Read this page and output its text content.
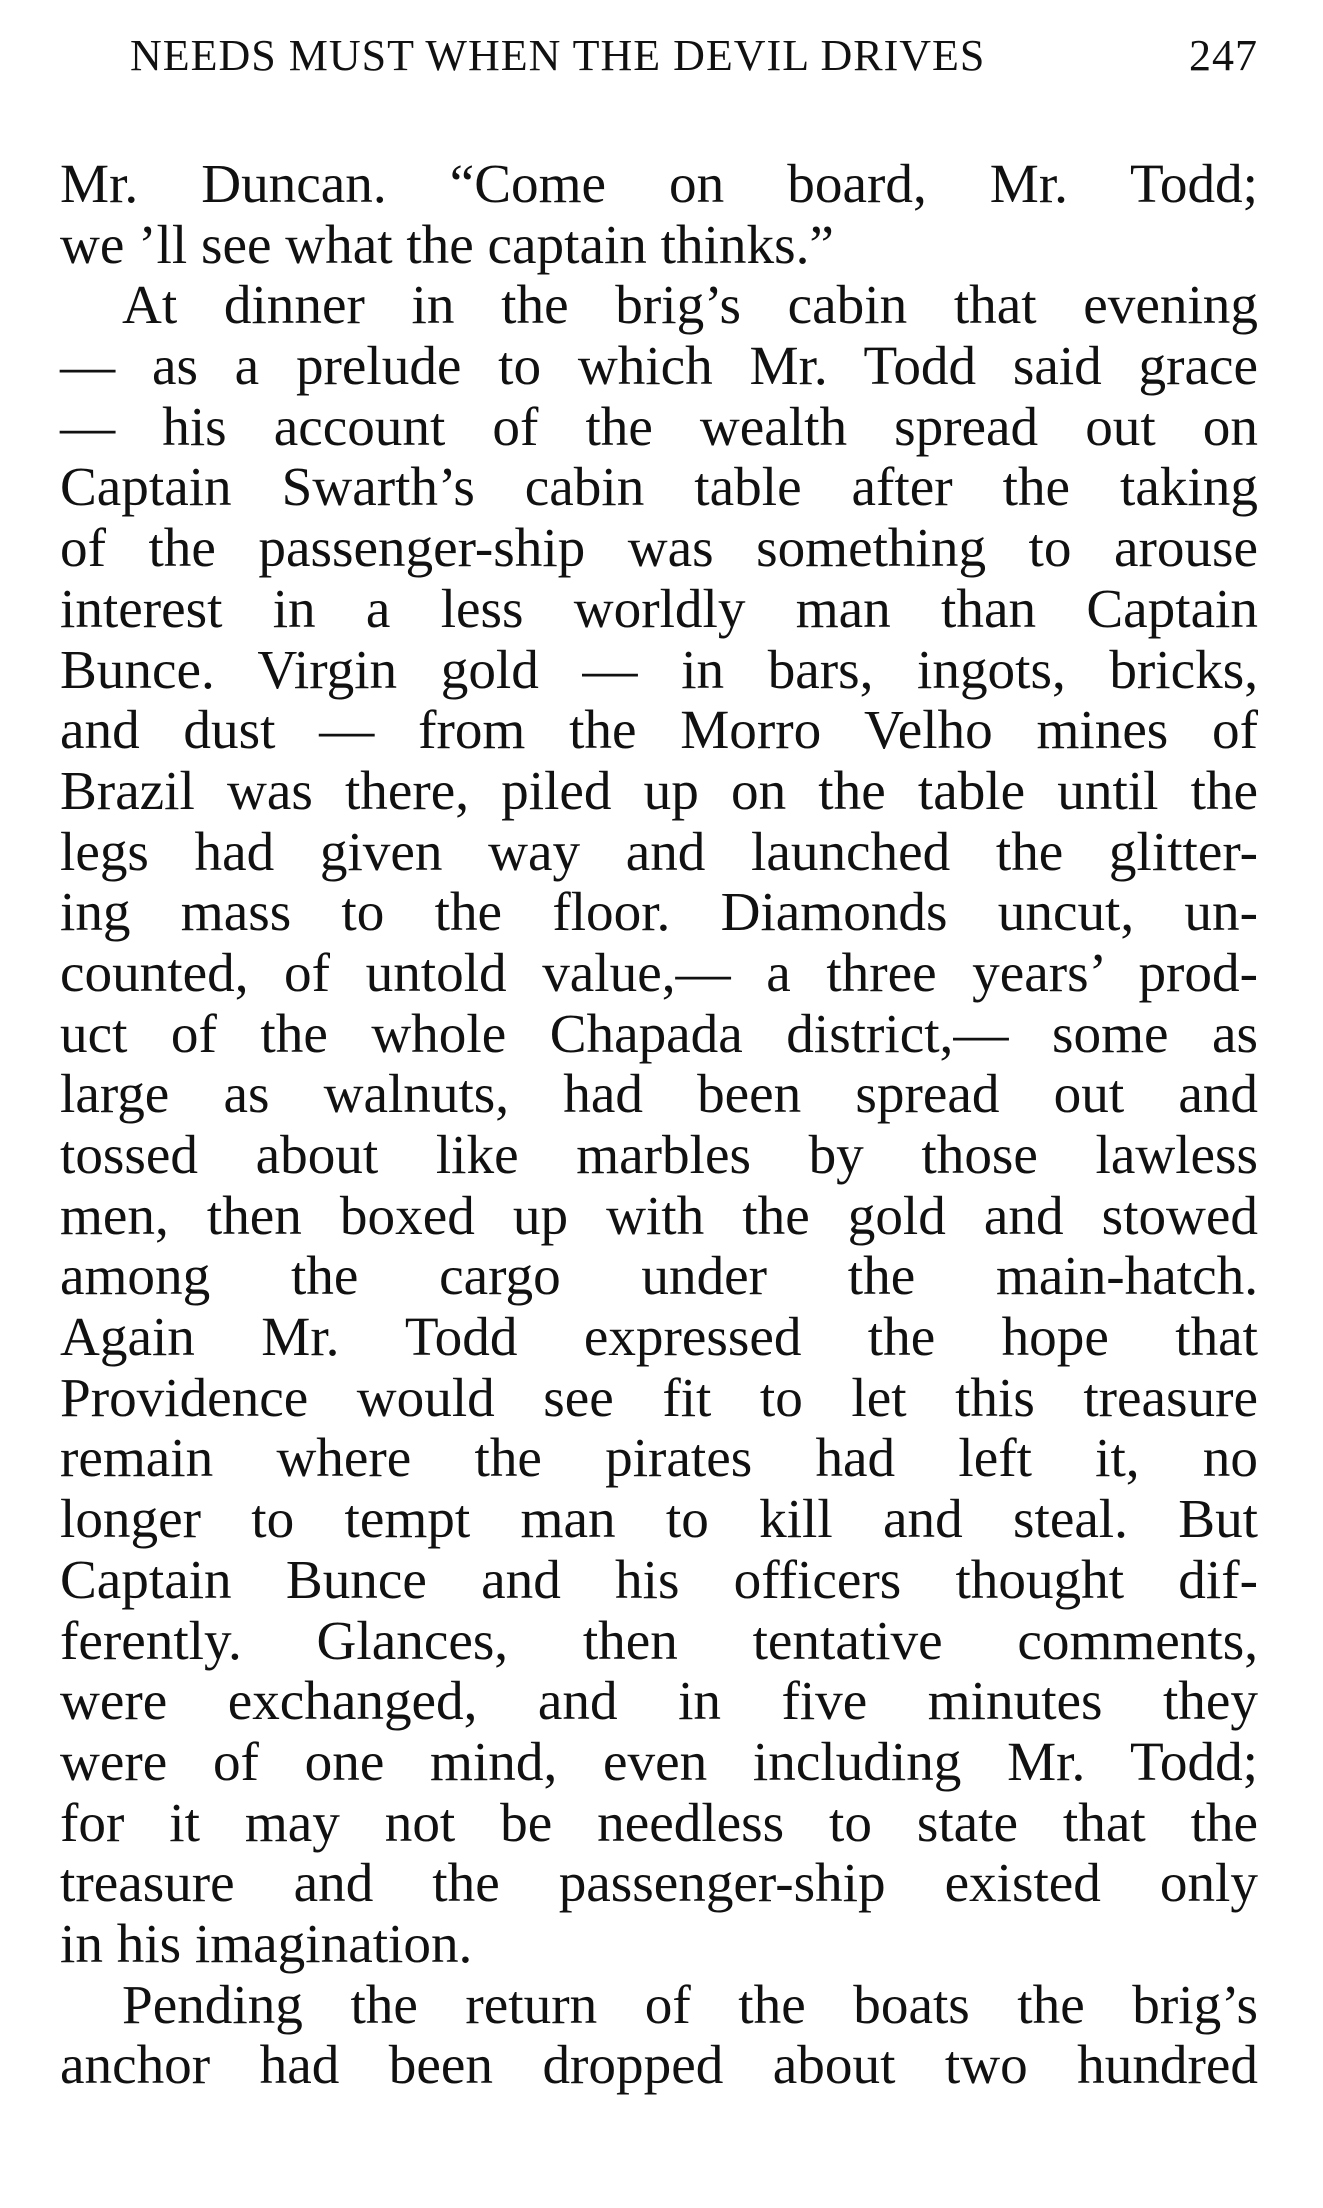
NEEDS MUST WHEN THE DEVIL DRIVES	247
Mr. Duncan. “Come on board, Mr. Todd;
we ’ll see what the captain thinks.”
At dinner in the brig’s cabin that evening
— as a prelude to which Mr. Todd said grace
— his account of the wealth spread out on
Captain Swarth’s cabin table after the taking
of the passenger-ship was something to arouse
interest in a less worldly man than Captain
Bunce. Virgin gold — in bars, ingots, bricks,
and dust — from the Morro Velho mines of
Brazil was there, piled up on the table until the
legs had given way and launched the glitter-
ing mass to the floor. Diamonds uncut, un-
counted, of untold value,— a three years’ prod-
uct of the whole Chapada district,— some as
large as walnuts, had been spread out and
tossed about like marbles by those lawless
men, then boxed up with the gold and stowed
among the cargo under the main-hatch.
Again Mr. Todd expressed the hope that
Providence would see fit to let this treasure
remain where the pirates had left it, no
longer to tempt man to kill and steal. But
Captain Bunce and his officers thought dif-
ferently. Glances, then tentative comments,
were exchanged, and in five minutes they
were of one mind, even including Mr. Todd;
for it may not be needless to state that the
treasure and the passenger-ship existed only
in his imagination.
Pending the return of the boats the brig’s
anchor had been dropped about two hundred
